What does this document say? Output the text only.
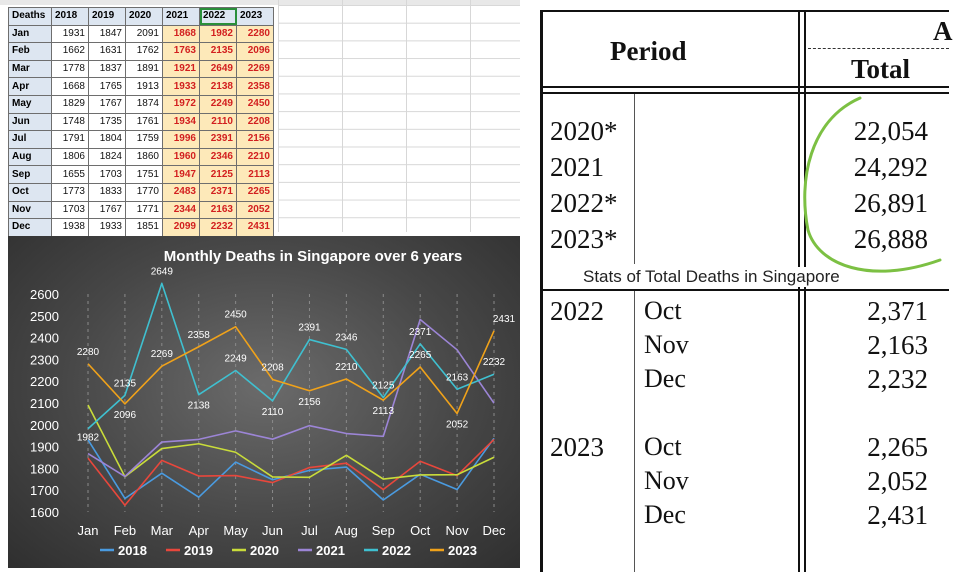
Deaths	2018	2019	2020	2021	2022	2023
Jan	1931	1847	2091	1868	1982	2280
Feb	1662	1631	1762	1763	2135	2096
Mar	1778	1837	1891	1921	2649	2269
Apr	1668	1765	1913	1933	2138	2358
May	1829	1767	1874	1972	2249	2450
Jun	1748	1735	1761	1934	2110	2208
Jul	1791	1804	1759	1996	2391	2156
Aug	1806	1824	1860	1960	2346	2210
Sep	1655	1703	1751	1947	2125	2113
Oct	1773	1833	1770	2483	2371	2265
Nov	1703	1767	1771	2344	2163	2052
Dec	1938	1933	1851	2099	2232	2431
Monthly Deaths in Singapore over 6 years
1600
1700
1800
1900
2000
2100
2200
2300
2400
2500
2600
Jan Feb Mar Apr May Jun Jul Aug Sep Oct Nov Dec
1982
2135
2649
2138
2249
2110
2391
2346
2125
2371
2163
2232
2280
2096
2269
2358
2450
2208
2156
2210
2113
2265
2052
2431
2018	2019	2020	2021	2022	2023
Period
Total
A
2020*	22,054
2021	24,292
2022*	26,891
2023*	26,888
Stats of Total Deaths in Singapore
2022 Oct	2,371
Nov	2,163
Dec	2,232
2023 Oct	2,265
Nov	2,052
Dec	2,431
